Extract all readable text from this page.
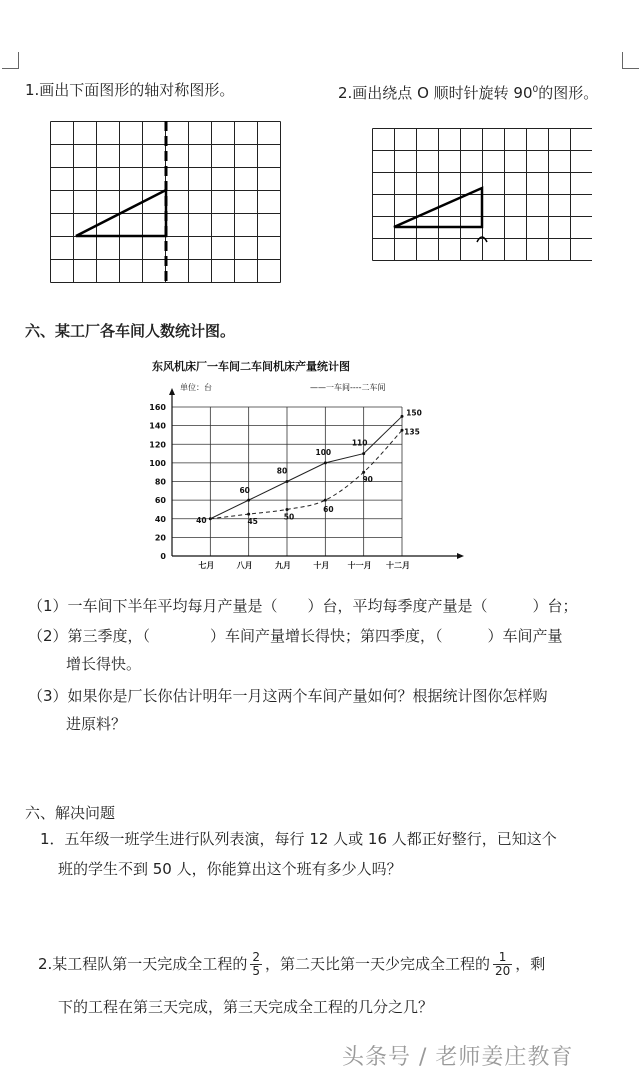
1.画出下面图形的轴对称图形。	2.画出绕点 O 顺时针旋转 $90^0$的图形。
六、某工厂各车间人数统计图。
东风机床厂一车间二车间机床产量统计图
单位：台	——一车间----二车间
0
20
40
60
80
100
120
140
160
七月	八月	九月	十月 十一月 十二月
40
60
80
100
110
150
45
50
60
90
135
（1）一车间下半年平均每月产量是（　　）台，平均每季度产量是（　　　）台；
（2）第三季度，（　　　　）车间产量增长得快；第四季度，（　　　）车间产量
增长得快。
（3）如果你是厂长你估计明年一月这两个车间产量如何？根据统计图你怎样购
进原料？
六、解决问题
1．五年级一班学生进行队列表演，每行 12 人或 16 人都正好整行，已知这个
班的学生不到 50 人，你能算出这个班有多少人吗？
2.某工程队第一天完成全工程的 $\frac{2}{5}$ ，第二天比第一天少完成全工程的 $\frac{1}{20}$ ，剩
下的工程在第三天完成，第三天完成全工程的几分之几？
头条号 / 老师姜庄教育
